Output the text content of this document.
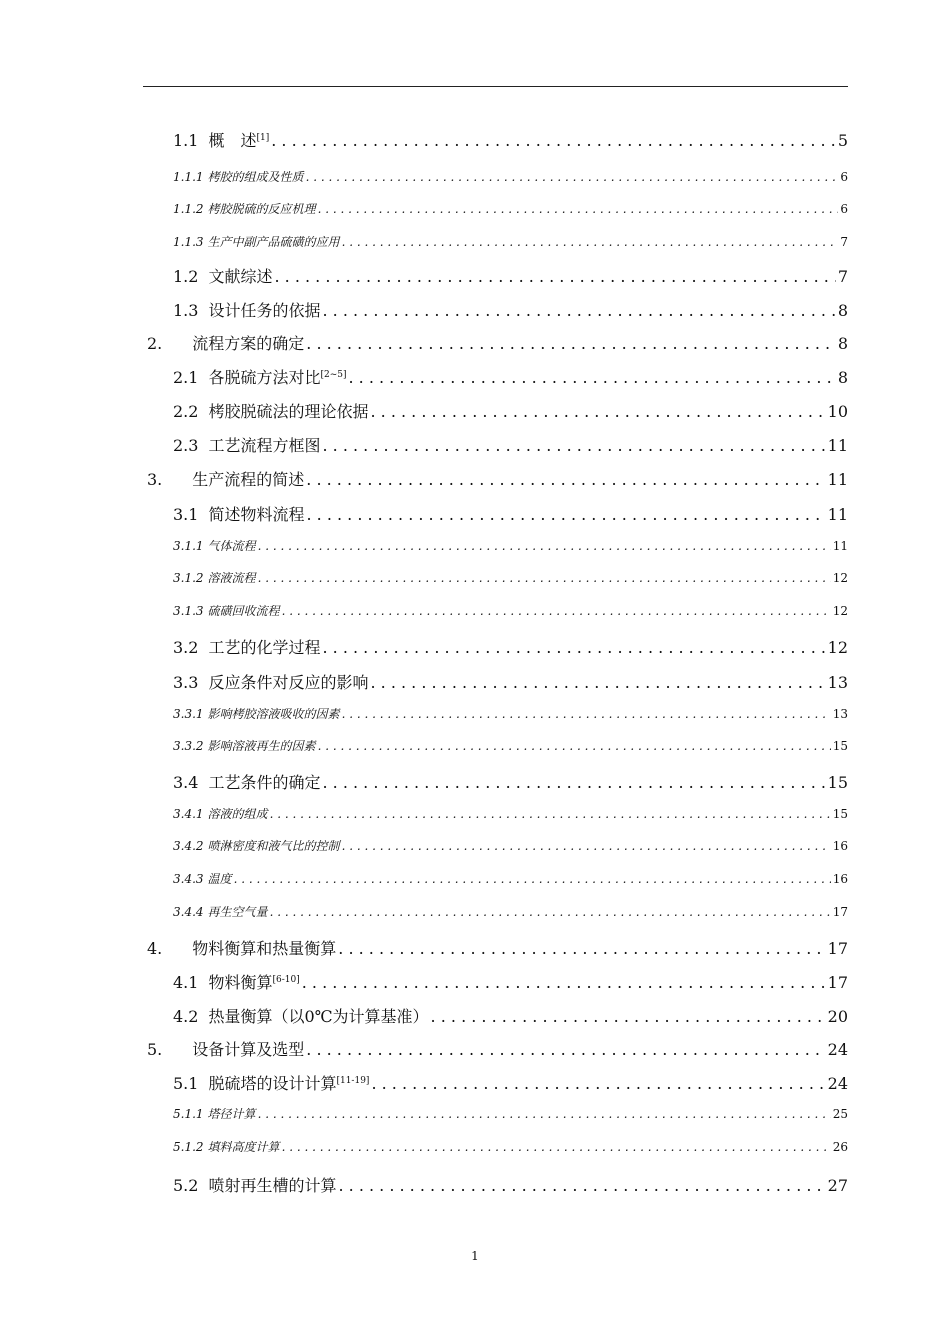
1.1 概　述[1] . . .	5
1.1.1 栲胶的组成及性质 . . .	6
1.1.2 栲胶脱硫的反应机理 . . .	6
1.1.3 生产中副产品硫磺的应用 . . .	7
1.2 文献综述 . . .	7
1.3 设计任务的依据 . . .	8
2. 流程方案的确定 . . .	8
2.1 各脱硫方法对比[2~5] . . .	8
2.2 栲胶脱硫法的理论依据 . . .	10
2.3 工艺流程方框图 . . .	11
3. 生产流程的简述 . . .	11
3.1 简述物料流程 . . .	11
3.1.1 气体流程 . . .	11
3.1.2 溶液流程 . . .	12
3.1.3 硫磺回收流程 . . .	12
3.2 工艺的化学过程 . . .	12
3.3 反应条件对反应的影响 . . .	13
3.3.1 影响栲胶溶液吸收的因素 . . .	13
3.3.2 影响溶液再生的因素 . . .	15
3.4 工艺条件的确定 . . .	15
3.4.1 溶液的组成 . . .	15
3.4.2 喷淋密度和液气比的控制 . . .	16
3.4.3 温度 . . .	16
3.4.4 再生空气量 . . .	17
4. 物料衡算和热量衡算 . . .	17
4.1 物料衡算[6-10] . . .	17
4.2 热量衡算（以0℃为计算基准） . . .	20
5. 设备计算及选型 . . .	24
5.1 脱硫塔的设计计算[11-19] . . .	24
5.1.1 塔径计算 . . .	25
5.1.2 填料高度计算 . . .	26
5.2 喷射再生槽的计算 . . .	27
1
